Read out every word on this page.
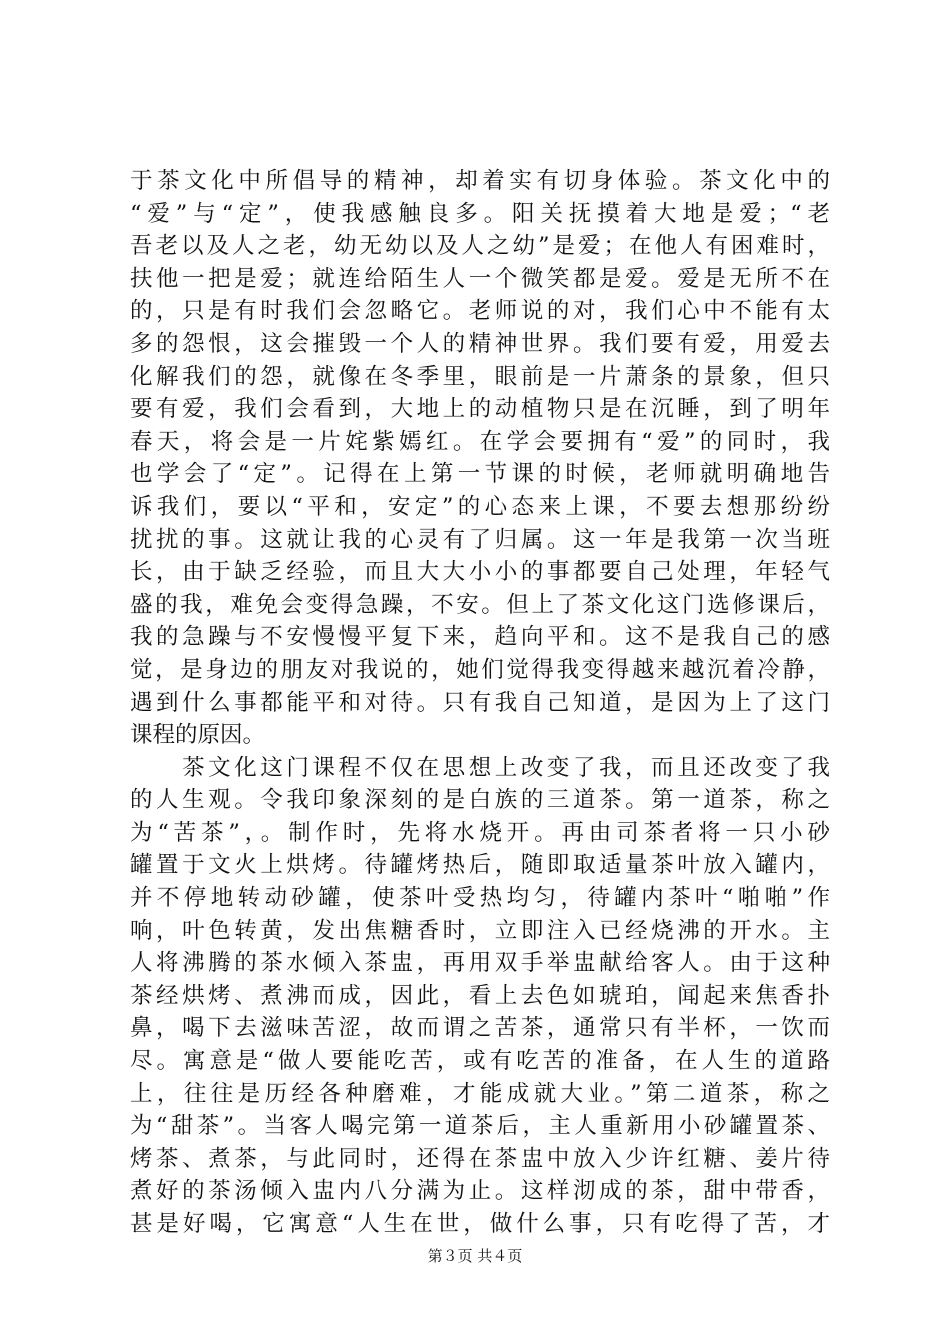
于茶文化中所倡导的精神，却着实有切身体验。茶文化中的
“爱”与“定”，使我感触良多。阳关抚摸着大地是爱；“老
吾老以及人之老，幼无幼以及人之幼”是爱；在他人有困难时，
扶他一把是爱；就连给陌生人一个微笑都是爱。爱是无所不在
的，只是有时我们会忽略它。老师说的对，我们心中不能有太
多的怨恨，这会摧毁一个人的精神世界。我们要有爱，用爱去
化解我们的怨，就像在冬季里，眼前是一片萧条的景象，但只
要有爱，我们会看到，大地上的动植物只是在沉睡，到了明年
春天，将会是一片姹紫嫣红。在学会要拥有“爱”的同时，我
也学会了“定”。记得在上第一节课的时候，老师就明确地告
诉我们，要以“平和，安定”的心态来上课，不要去想那纷纷
扰扰的事。这就让我的心灵有了归属。这一年是我第一次当班
长，由于缺乏经验，而且大大小小的事都要自己处理，年轻气
盛的我，难免会变得急躁，不安。但上了茶文化这门选修课后，
我的急躁与不安慢慢平复下来，趋向平和。这不是我自己的感
觉，是身边的朋友对我说的，她们觉得我变得越来越沉着冷静，
遇到什么事都能平和对待。只有我自己知道，是因为上了这门
课程的原因。
　　茶文化这门课程不仅在思想上改变了我，而且还改变了我
的人生观。令我印象深刻的是白族的三道茶。第一道茶，称之
为“苦茶”，。制作时，先将水烧开。再由司茶者将一只小砂
罐置于文火上烘烤。待罐烤热后，随即取适量茶叶放入罐内，
并不停地转动砂罐，使茶叶受热均匀，待罐内茶叶“啪啪”作
响，叶色转黄，发出焦糖香时，立即注入已经烧沸的开水。主
人将沸腾的茶水倾入茶盅，再用双手举盅献给客人。由于这种
茶经烘烤、煮沸而成，因此，看上去色如琥珀，闻起来焦香扑
鼻，喝下去滋味苦涩，故而谓之苦茶，通常只有半杯，一饮而
尽。寓意是“做人要能吃苦，或有吃苦的准备，在人生的道路
上，往往是历经各种磨难，才能成就大业。”第二道茶，称之
为“甜茶”。当客人喝完第一道茶后，主人重新用小砂罐置茶、
烤茶、煮茶，与此同时，还得在茶盅中放入少许红糖、姜片待
煮好的茶汤倾入盅内八分满为止。这样沏成的茶，甜中带香，
甚是好喝，它寓意“人生在世，做什么事，只有吃得了苦，才
第３页 共４页
